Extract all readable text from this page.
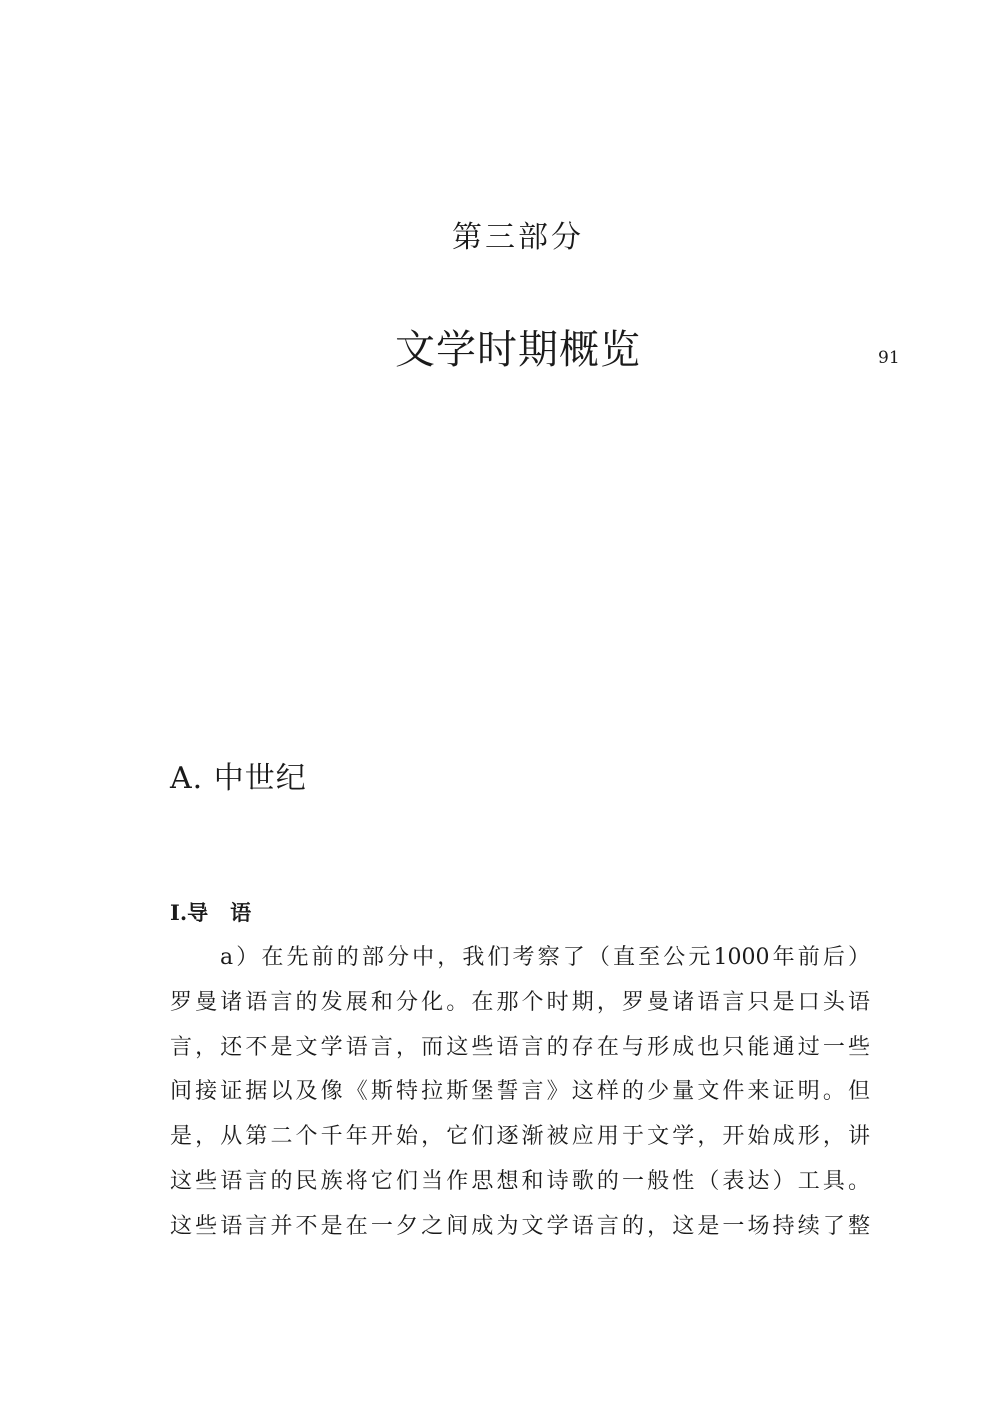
第三部分
文学时期概览	91
A. 中世纪
I.导 语
a）在先前的部分中，我们考察了（直至公元1000年前后）
罗曼诸语言的发展和分化。在那个时期，罗曼诸语言只是口头语
言，还不是文学语言，而这些语言的存在与形成也只能通过一些
间接证据以及像《斯特拉斯堡誓言》这样的少量文件来证明。但
是，从第二个千年开始，它们逐渐被应用于文学，开始成形，讲
这些语言的民族将它们当作思想和诗歌的一般性（表达）工具。
这些语言并不是在一夕之间成为文学语言的，这是一场持续了整
